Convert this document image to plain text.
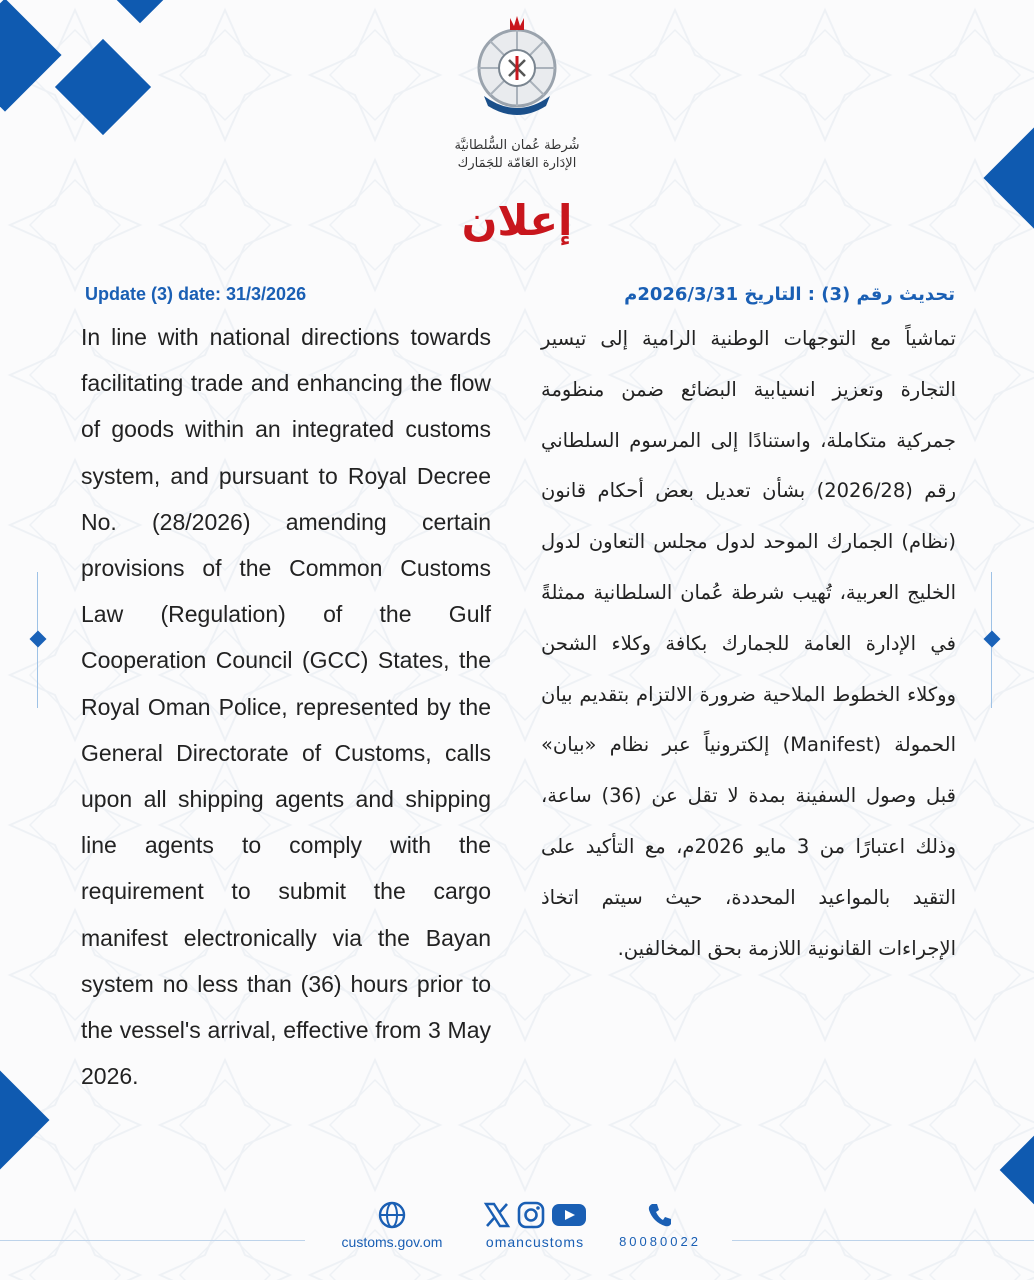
شُرطة عُمان السُّلطانيَّة
الإدَارة العَامّة للجَمَارك
إعلان
Update (3) date: 31/3/2026

In line with national directions towards facilitating trade and enhancing the flow of goods within an integrated customs system, and pursuant to Royal Decree No. (28/2026) amending certain provisions of the Common Customs Law (Regulation) of the Gulf Cooperation Council (GCC) States, the Royal Oman Police, represented by the General Directorate of Customs, calls upon all shipping agents and shipping line agents to comply with the requirement to submit the cargo manifest electronically via the Bayan system no less than (36) hours prior to the vessel's arrival, effective from 3 May 2026.

تحديث رقم (3) : التاريخ 2026/3/31م

تماشياً مع التوجهات الوطنية الرامية إلى تيسير التجارة وتعزيز انسيابية البضائع ضمن منظومة جمركية متكاملة، واستنادًا إلى المرسوم السلطاني رقم (2026/28) بشأن تعديل بعض أحكام قانون (نظام) الجمارك الموحد لدول مجلس التعاون لدول الخليج العربية، تُهيب شرطة عُمان السلطانية ممثلةً في الإدارة العامة للجمارك بكافة وكلاء الشحن ووكلاء الخطوط الملاحية ضرورة الالتزام بتقديم بيان الحمولة (Manifest) إلكترونياً عبر نظام «بيان» قبل وصول السفينة بمدة لا تقل عن (36) ساعة، وذلك اعتبارًا من 3 مايو 2026م، مع التأكيد على التقيد بالمواعيد المحددة، حيث سيتم اتخاذ الإجراءات القانونية اللازمة بحق المخالفين.

customs.gov.om	omancustoms	80080022
